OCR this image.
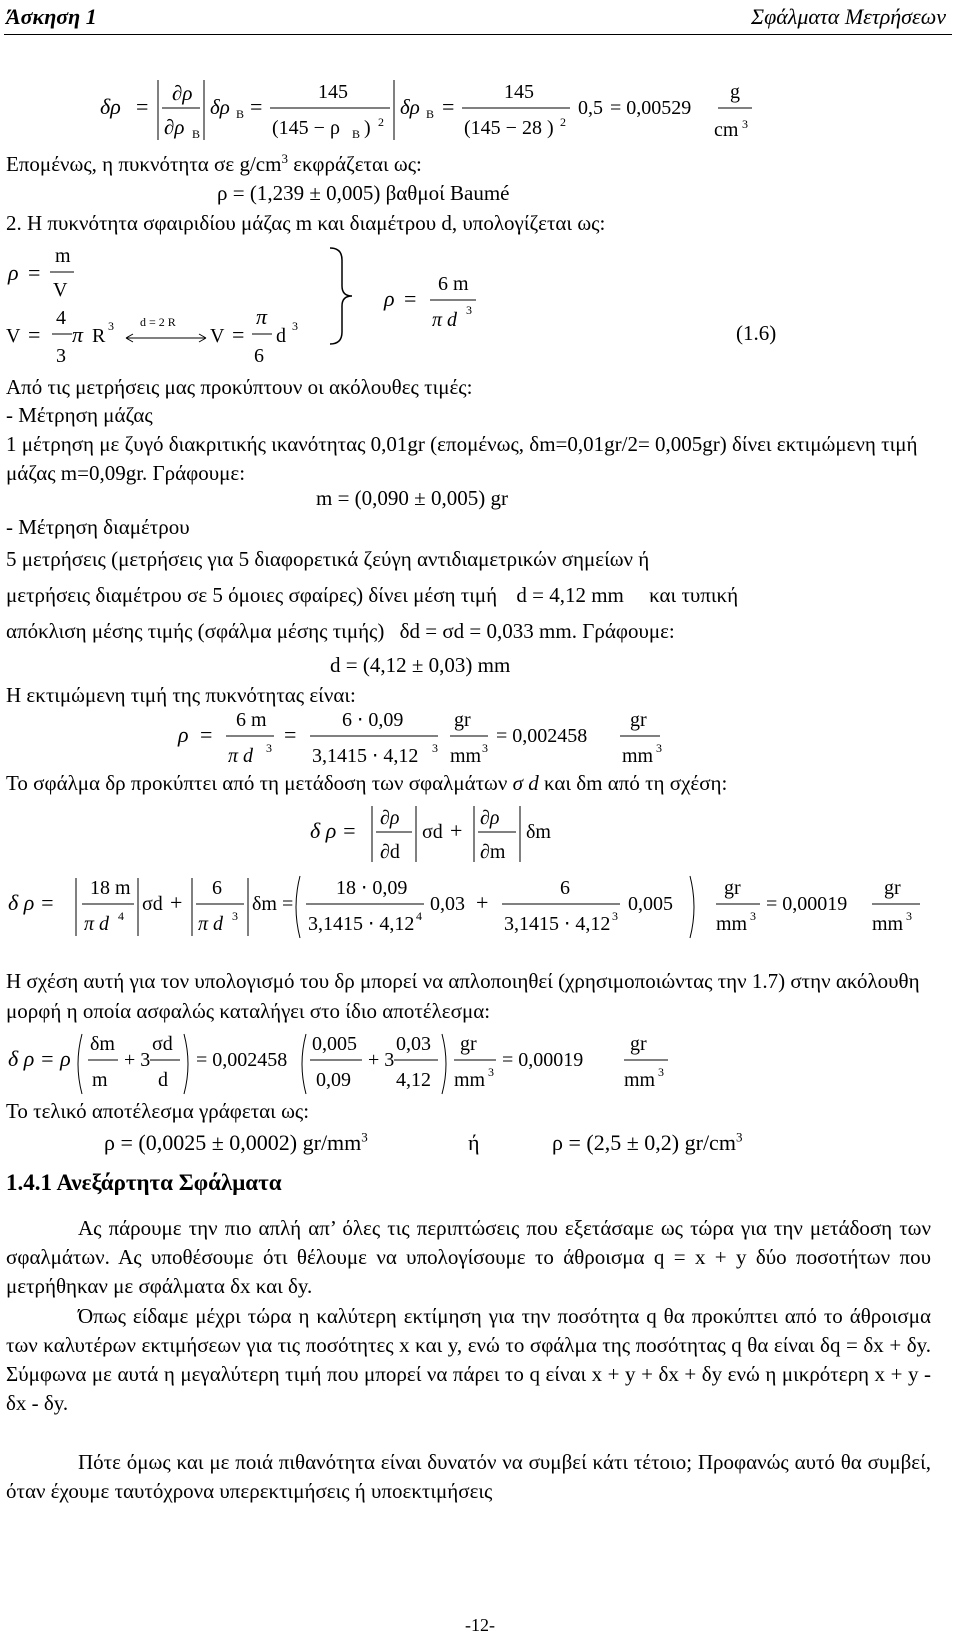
Άσκηση 1	Σφάλματα Μετρήσεων
δρ =
∂ρ
∂ρ B
δρ B =
145
(145 − ρ B ) 2
δρ B =
145
(145 − 28 ) 2
0,5 = 0,00529
g
cm 3
Επομένως, η πυκνότητα σε $g/cm^3$ εκφράζεται ως:
ρ = (1,239 ± 0,005) βαθμοί Baumé
2. Η πυκνότητα σφαιριδίου μάζας m και διαμέτρου d, υπολογίζεται ως:
ρ =
m
V
V =
4
3
π R 3 d = 2 R
V =
π
6
d 3
ρ =
6 m
π d 3
(1.6)
Από τις μετρήσεις μας προκύπτουν οι ακόλουθες τιμές:
- Μέτρηση μάζας
1 μέτρηση με ζυγό διακριτικής ικανότητας 0,01gr (επομένως, δm=0,01gr/2= 0,005gr) δίνει εκτιμώμενη τιμή μάζας m=0,09gr. Γράφουμε:
m = (0,090 ± 0,005) gr
- Μέτρηση διαμέτρου
5 μετρήσεις (μετρήσεις για 5 διαφορετικά ζεύγη αντιδιαμετρικών σημείων ή
μετρήσεις διαμέτρου σε 5 όμοιες σφαίρες) δίνει μέση τιμή d = 4,12 mm και τυπική
απόκλιση μέσης τιμής (σφάλμα μέσης τιμής) δd = σd = 0,033 mm. Γράφουμε:
d = (4,12 ± 0,03) mm
Η εκτιμώμενη τιμή της πυκνότητας είναι:
ρ =
6 m
π d 3
=
6 ⋅ 0,09
3,1415 ⋅ 4,12 3
gr
mm 3
= 0,002458
gr
mm 3
Το σφάλμα δρ προκύπτει από τη μετάδοση των σφαλμάτων σ d και δm από τη σχέση:
δ ρ = ∂ρ
∂d
σd + ∂ρ
∂m
δm
δ ρ =
18 m
π d 4
σd +
6
π d 3
δm =
18 ⋅ 0,09
3,1415 ⋅ 4,12 4
0,03 +
6
3,1415 ⋅ 4,12 3
0,005
gr
mm 3
= 0,00019
gr
mm 3
Η σχέση αυτή για τον υπολογισμό του δρ μπορεί να απλοποιηθεί (χρησιμοποιώντας την 1.7) στην ακόλουθη μορφή η οποία ασφαλώς καταλήγει στο ίδιο αποτέλεσμα:
δ ρ = ρ
δm
m
+ 3
σd
d
= 0,002458
0,005
0,09
+ 3
0,03
4,12
gr
mm 3
= 0,00019
gr
mm 3
Το τελικό αποτέλεσμα γράφεται ως:
ρ = (0,0025 ± 0,0002) $gr/mm^3$	ή	ρ = (2,5 ± 0,2) $gr/cm^3$
1.4.1 Ανεξάρτητα Σφάλματα
Ας πάρουμε την πιο απλή απ’ όλες τις περιπτώσεις που εξετάσαμε ως τώρα για την μετάδοση των σφαλμάτων. Ας υποθέσουμε ότι θέλουμε να υπολογίσουμε το άθροισμα q = x + y δύο ποσοτήτων που μετρήθηκαν με σφάλματα δx και δy.
Όπως είδαμε μέχρι τώρα η καλύτερη εκτίμηση για την ποσότητα q θα προκύπτει από το άθροισμα των καλυτέρων εκτιμήσεων για τις ποσότητες x και y, ενώ το σφάλμα της ποσότητας q θα είναι δq = δx + δy. Σύμφωνα με αυτά η μεγαλύτερη τιμή που μπορεί να πάρει το q είναι x + y + δx + δy ενώ η μικρότερη x + y - δx - δy.
Πότε όμως και με ποιά πιθανότητα είναι δυνατόν να συμβεί κάτι τέτοιο; Προφανώς αυτό θα συμβεί, όταν έχουμε ταυτόχρονα υπερεκτιμήσεις ή υποεκτιμήσεις
-12-
